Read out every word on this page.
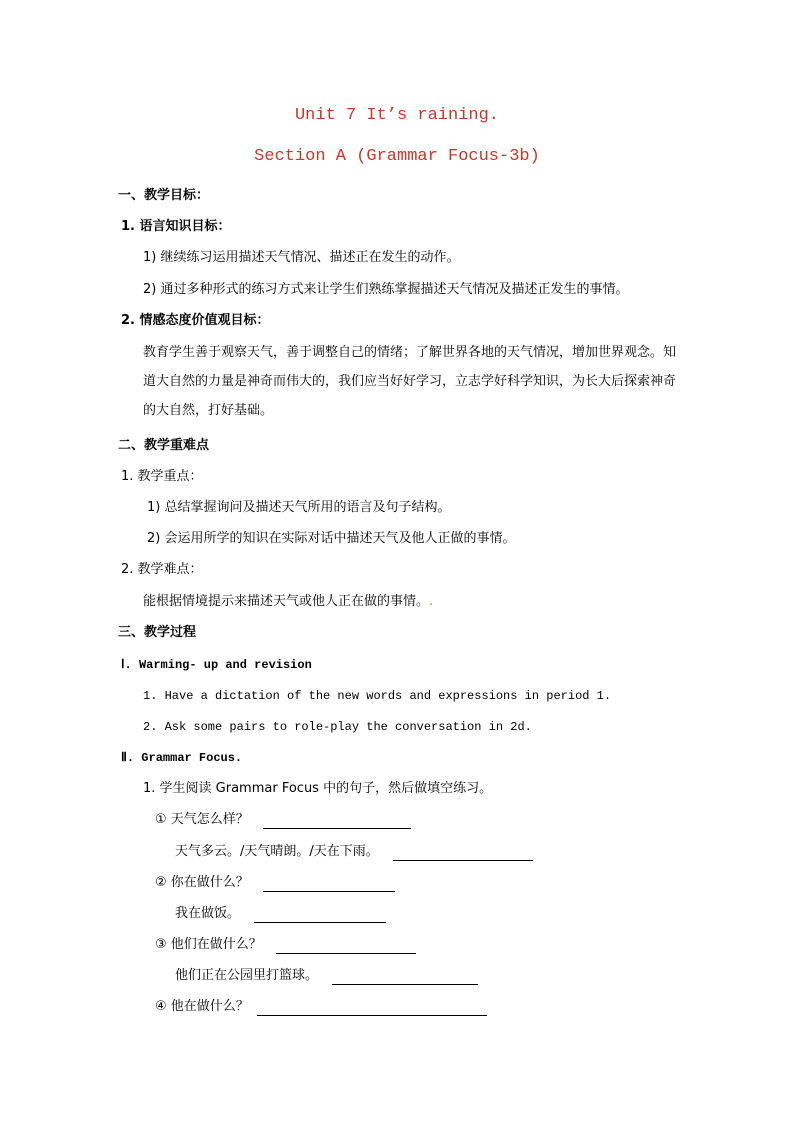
Unit 7 It’s raining.
Section A (Grammar Focus-3b)
一、教学目标：
1. 语言知识目标：
1) 继续练习运用描述天气情况、描述正在发生的动作。
2) 通过多种形式的练习方式来让学生们熟练掌握描述天气情况及描述正发生的事情。
2. 情感态度价值观目标：
教育学生善于观察天气，善于调整自己的情绪；了解世界各地的天气情况，增加世界观念。知道大自然的力量是神奇而伟大的，我们应当好好学习，立志学好科学知识，为长大后探索神奇的大自然，打好基础。
二、教学重难点
1. 教学重点：
1) 总结掌握询问及描述天气所用的语言及句子结构。
2) 会运用所学的知识在实际对话中描述天气及他人正做的事情。
2. 教学难点：
能根据情境提示来描述天气或他人正在做的事情。.
三、教学过程
Ⅰ. Warming- up and revision
1. Have a dictation of the new words and expressions in period 1.
2. Ask some pairs to role-play the conversation in 2d.
Ⅱ. Grammar Focus.
1. 学生阅读 Grammar Focus 中的句子，然后做填空练习。
① 天气怎么样？
天气多云。/天气晴朗。/天在下雨。
② 你在做什么？
我在做饭。
③ 他们在做什么？
他们正在公园里打篮球。
④ 他在做什么？
